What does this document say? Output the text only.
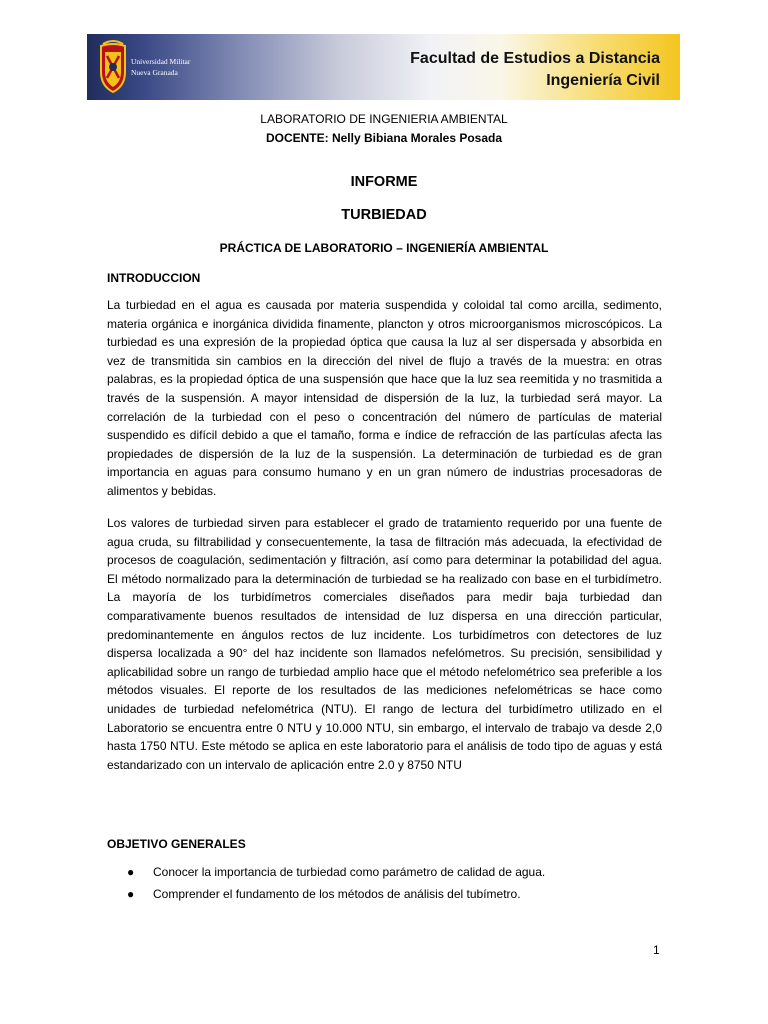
Universidad Militar
Nueva Granada
Facultad de Estudios a Distancia
Ingeniería Civil
LABORATORIO DE INGENIERIA AMBIENTAL
DOCENTE: Nelly Bibiana Morales Posada
INFORME
TURBIEDAD
PRÁCTICA DE LABORATORIO – INGENIERÍA AMBIENTAL
INTRODUCCION

La turbiedad en el agua es causada por materia suspendida y coloidal tal como arcilla, sedimento, materia orgánica e inorgánica dividida finamente, plancton y otros microorganismos microscópicos. La turbiedad es una expresión de la propiedad óptica que causa la luz al ser dispersada y absorbida en vez de transmitida sin cambios en la dirección del nivel de flujo a través de la muestra: en otras palabras, es la propiedad óptica de una suspensión que hace que la luz sea reemitida y no trasmitida a través de la suspensión. A mayor intensidad de dispersión de la luz, la turbiedad será mayor. La correlación de la turbiedad con el peso o concentración del número de partículas de material suspendido es difícil debido a que el tamaño, forma e índice de refracción de las partículas afecta las propiedades de dispersión de la luz de la suspensión. La determinación de turbiedad es de gran importancia en aguas para consumo humano y en un gran número de industrias procesadoras de alimentos y bebidas.

Los valores de turbiedad sirven para establecer el grado de tratamiento requerido por una fuente de agua cruda, su filtrabilidad y consecuentemente, la tasa de filtración más adecuada, la efectividad de procesos de coagulación, sedimentación y filtración, así como para determinar la potabilidad del agua. El método normalizado para la determinación de turbiedad se ha realizado con base en el turbidímetro. La mayoría de los turbidímetros comerciales diseñados para medir baja turbiedad dan comparativamente buenos resultados de intensidad de luz dispersa en una dirección particular, predominantemente en ángulos rectos de luz incidente. Los turbidímetros con detectores de luz dispersa localizada a 90° del haz incidente son llamados nefelómetros. Su precisión, sensibilidad y aplicabilidad sobre un rango de turbiedad amplio hace que el método nefelométrico sea preferible a los métodos visuales. El reporte de los resultados de las mediciones nefelométricas se hace como unidades de turbiedad nefelométrica (NTU). El rango de lectura del turbidímetro utilizado en el Laboratorio se encuentra entre 0 NTU y 10.000 NTU, sin embargo, el intervalo de trabajo va desde 2,0 hasta 1750 NTU. Este método se aplica en este laboratorio para el análisis de todo tipo de aguas y está estandarizado con un intervalo de aplicación entre 2.0 y 8750 NTU

OBJETIVO GENERALES
● Conocer la importancia de turbiedad como parámetro de calidad de agua.
● Comprender el fundamento de los métodos de análisis del tubímetro.
1
